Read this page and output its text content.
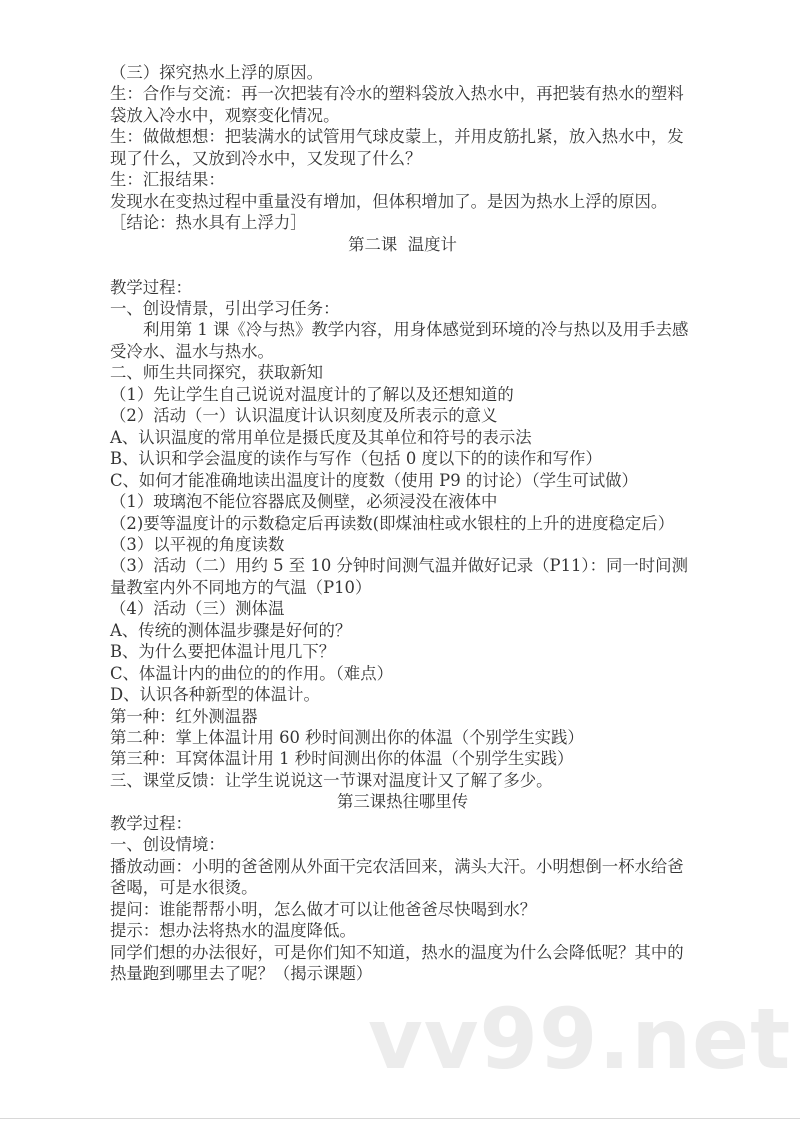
（三）探究热水上浮的原因。
生：合作与交流：再一次把装有冷水的塑料袋放入热水中，再把装有热水的塑料
袋放入冷水中，观察变化情况。
生：做做想想：把装满水的试管用气球皮蒙上，并用皮筋扎紧，放入热水中，发
现了什么，又放到冷水中，又发现了什么？
生：汇报结果：
发现水在变热过程中重量没有增加，但体积增加了。是因为热水上浮的原因。
［结论：热水具有上浮力］
第二课  温度计
教学过程：
一、创设情景，引出学习任务：
利用第 1 课《冷与热》教学内容，用身体感觉到环境的冷与热以及用手去感
受冷水、温水与热水。
二、师生共同探究，获取新知
（1）先让学生自己说说对温度计的了解以及还想知道的
（2）活动（一）认识温度计认识刻度及所表示的意义
A、认识温度的常用单位是摄氏度及其单位和符号的表示法
B、认识和学会温度的读作与写作（包括 0 度以下的的读作和写作）
C、如何才能准确地读出温度计的度数（使用 P9 的讨论）（学生可试做）
（1）玻璃泡不能位容器底及侧壁，必须浸没在液体中
（2)要等温度计的示数稳定后再读数(即煤油柱或水银柱的上升的进度稳定后）
（3）以平视的角度读数
（3）活动（二）用约 5 至 10 分钟时间测气温并做好记录（P11）：同一时间测
量教室内外不同地方的气温（P10）
（4）活动（三）测体温
A、传统的测体温步骤是好何的？
B、为什么要把体温计甩几下？
C、体温计内的曲位的的作用。（难点）
D、认识各种新型的体温计。
第一种：红外测温器
第二种：掌上体温计用 60 秒时间测出你的体温（个别学生实践）
第三种：耳窝体温计用 1 秒时间测出你的体温（个别学生实践）
三、课堂反馈：让学生说说这一节课对温度计又了解了多少。
第三课热往哪里传
教学过程：
一、创设情境：
播放动画：小明的爸爸刚从外面干完农活回来，满头大汗。小明想倒一杯水给爸
爸喝，可是水很烫。
提问：谁能帮帮小明，怎么做才可以让他爸爸尽快喝到水？
提示：想办法将热水的温度降低。
同学们想的办法很好，可是你们知不知道，热水的温度为什么会降低呢？其中的
热量跑到哪里去了呢？（揭示课题）
vv99.net
